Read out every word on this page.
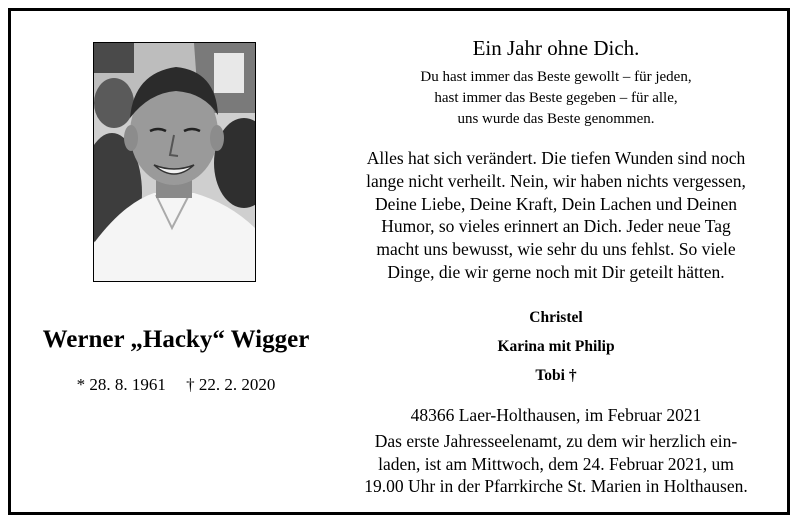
Werner „Hacky“ Wigger
* 28. 8. 1961 † 22. 2. 2020
Ein Jahr ohne Dich.
Du hast immer das Beste gewollt – für jeden,
hast immer das Beste gegeben – für alle,
uns wurde das Beste genommen.
Alles hat sich verändert. Die tiefen Wunden sind noch
lange nicht verheilt. Nein, wir haben nichts vergessen,
Deine Liebe, Deine Kraft, Dein Lachen und Deinen
Humor, so vieles erinnert an Dich. Jeder neue Tag
macht uns bewusst, wie sehr du uns fehlst. So viele
Dinge, die wir gerne noch mit Dir geteilt hätten.
Christel
Karina mit Philip
Tobi †
48366 Laer-Holthausen, im Februar 2021
Das erste Jahresseelenamt, zu dem wir herzlich ein-
laden, ist am Mittwoch, dem 24. Februar 2021, um
19.00 Uhr in der Pfarrkirche St. Marien in Holthausen.
